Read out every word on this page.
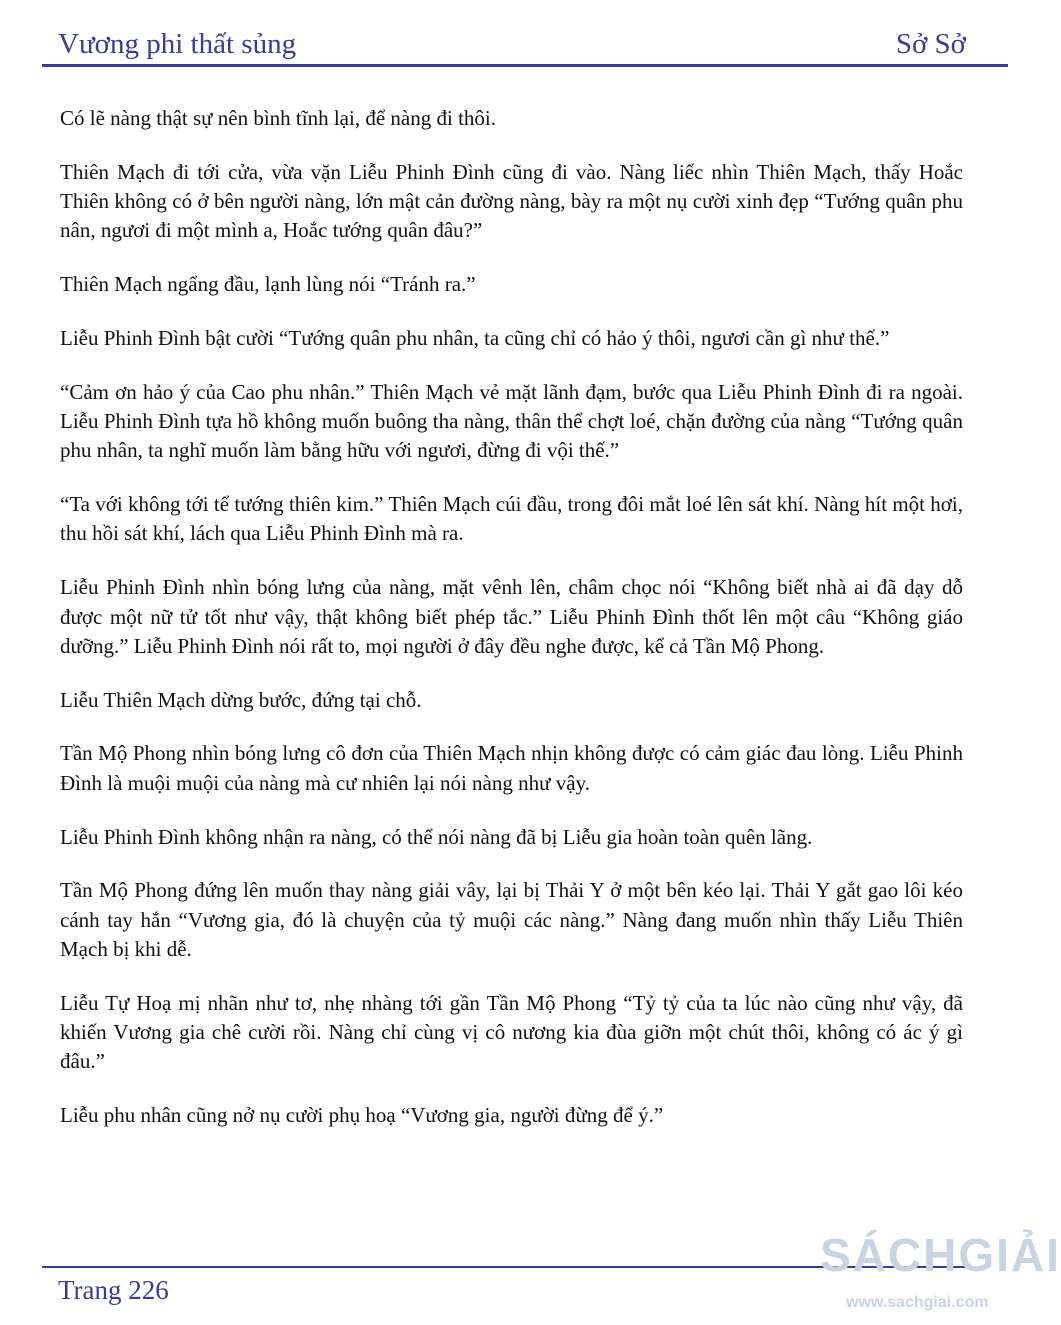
Vương phi thất sủng	Sở Sở

Có lẽ nàng thật sự nên bình tĩnh lại, để nàng đi thôi.

Thiên Mạch đi tới cửa, vừa vặn Liễu Phinh Đình cũng đi vào. Nàng liếc nhìn Thiên Mạch, thấy Hoắc Thiên không có ở bên người nàng, lớn mật cản đường nàng, bày ra một nụ cười xinh đẹp “Tướng quân phu nân, ngươi đi một mình a, Hoắc tướng quân đâu?”

Thiên Mạch ngẩng đầu, lạnh lùng nói “Tránh ra.”

Liễu Phinh Đình bật cười “Tướng quân phu nhân, ta cũng chỉ có hảo ý thôi, ngươi cần gì như thế.”

“Cảm ơn hảo ý của Cao phu nhân.” Thiên Mạch vẻ mặt lãnh đạm, bước qua Liễu Phinh Đình đi ra ngoài. Liễu Phinh Đình tựa hồ không muốn buông tha nàng, thân thể chợt loé, chặn đường của nàng “Tướng quân phu nhân, ta nghĩ muốn làm bằng hữu với ngươi, đừng đi vội thế.”

“Ta với không tới tể tướng thiên kim.” Thiên Mạch cúi đầu, trong đôi mắt loé lên sát khí. Nàng hít một hơi, thu hồi sát khí, lách qua Liễu Phinh Đình mà ra.

Liễu Phinh Đình nhìn bóng lưng của nàng, mặt vênh lên, châm chọc nói “Không biết nhà ai đã dạy dỗ được một nữ tử tốt như vậy, thật không biết phép tắc.” Liễu Phinh Đình thốt lên một câu “Không giáo dưỡng.” Liễu Phinh Đình nói rất to, mọi người ở đây đều nghe được, kể cả Tần Mộ Phong.

Liễu Thiên Mạch dừng bước, đứng tại chỗ.

Tần Mộ Phong nhìn bóng lưng cô đơn của Thiên Mạch nhịn không được có cảm giác đau lòng. Liễu Phinh Đình là muội muội của nàng mà cư nhiên lại nói nàng như vậy.

Liễu Phinh Đình không nhận ra nàng, có thể nói nàng đã bị Liễu gia hoàn toàn quên lãng.

Tần Mộ Phong đứng lên muốn thay nàng giải vây, lại bị Thải Y ở một bên kéo lại. Thải Y gắt gao lôi kéo cánh tay hắn “Vương gia, đó là chuyện của tỷ muội các nàng.” Nàng đang muốn nhìn thấy Liễu Thiên Mạch bị khi dễ.

Liễu Tự Hoạ mị nhãn như tơ, nhẹ nhàng tới gần Tần Mộ Phong “Tỷ tỷ của ta lúc nào cũng như vậy, đã khiến Vương gia chê cười rồi. Nàng chỉ cùng vị cô nương kia đùa giỡn một chút thôi, không có ác ý gì đâu.”

Liễu phu nhân cũng nở nụ cười phụ hoạ “Vương gia, người đừng để ý.”

Trang 226
SÁCHGIẢI
www.sachgiai.com
